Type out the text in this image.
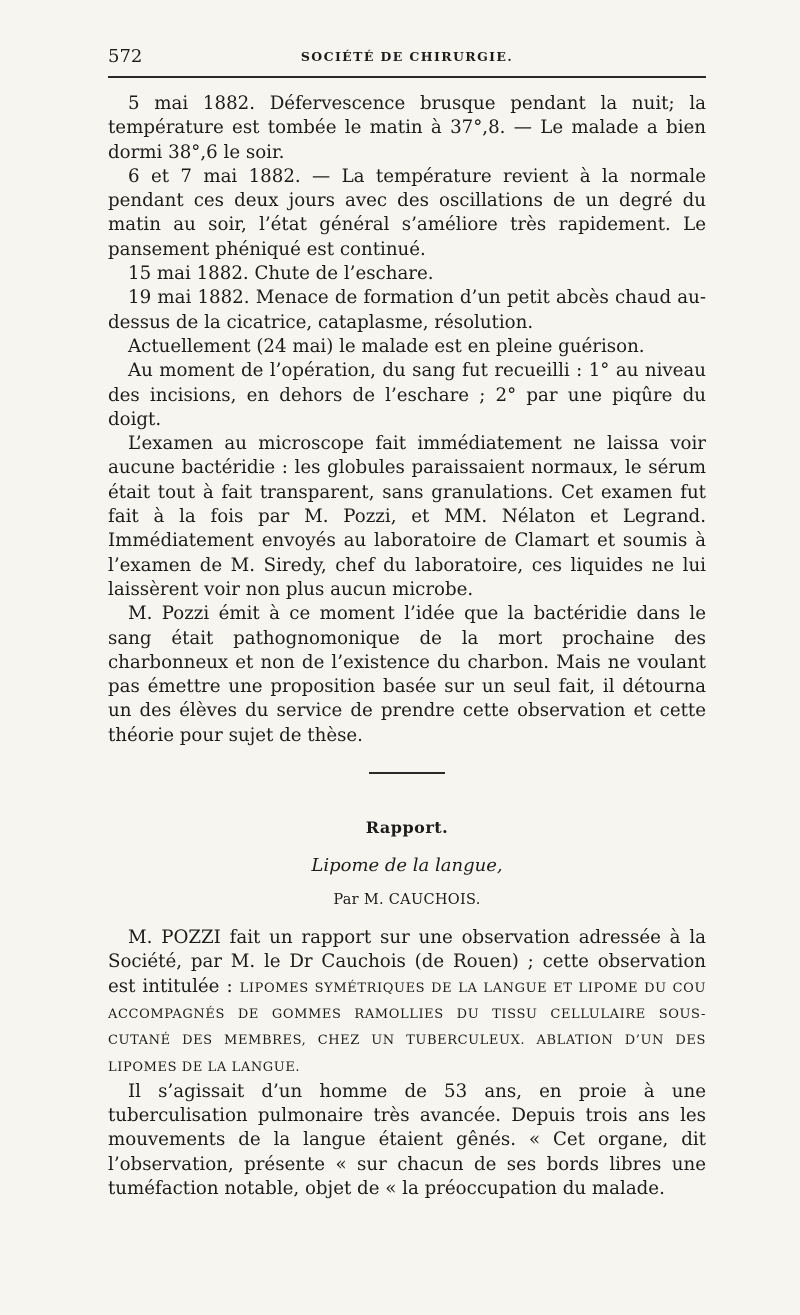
572	SOCIÉTÉ DE CHIRURGIE.

5 mai 1882. Défervescence brusque pendant la nuit; la température est tombée le matin à 37°,8. — Le malade a bien dormi 38°,6 le soir.

6 et 7 mai 1882. — La température revient à la normale pendant ces deux jours avec des oscillations de un degré du matin au soir, l’état général s’améliore très rapidement. Le pansement phéniqué est continué.

15 mai 1882. Chute de l’eschare.

19 mai 1882. Menace de formation d’un petit abcès chaud au-dessus de la cicatrice, cataplasme, résolution.

Actuellement (24 mai) le malade est en pleine guérison.

Au moment de l’opération, du sang fut recueilli : 1° au niveau des incisions, en dehors de l’eschare ; 2° par une piqûre du doigt.

L’examen au microscope fait immédiatement ne laissa voir aucune bactéridie : les globules paraissaient normaux, le sérum était tout à fait transparent, sans granulations. Cet examen fut fait à la fois par M. Pozzi, et MM. Nélaton et Legrand. Immédiatement envoyés au laboratoire de Clamart et soumis à l’examen de M. Siredy, chef du laboratoire, ces liquides ne lui laissèrent voir non plus aucun microbe.

M. Pozzi émit à ce moment l’idée que la bactéridie dans le sang était pathognomonique de la mort prochaine des charbonneux et non de l’existence du charbon. Mais ne voulant pas émettre une proposition basée sur un seul fait, il détourna un des élèves du service de prendre cette observation et cette théorie pour sujet de thèse.

Rapport.
Lipome de la langue,
Par M. CAUCHOIS.

M. POZZI fait un rapport sur une observation adressée à la Société, par M. le Dr Cauchois (de Rouen) ; cette observation est intitulée : LIPOMES SYMÉTRIQUES DE LA LANGUE ET LIPOME DU COU ACCOMPAGNÉS DE GOMMES RAMOLLIES DU TISSU CELLULAIRE SOUS-CUTANÉ DES MEMBRES, CHEZ UN TUBERCULEUX. ABLATION D’UN DES LIPOMES DE LA LANGUE.

Il s’agissait d’un homme de 53 ans, en proie à une tuberculisation pulmonaire très avancée. Depuis trois ans les mouvements de la langue étaient gênés. « Cet organe, dit l’observation, présente « sur chacun de ses bords libres une tuméfaction notable, objet de « la préoccupation du malade.
